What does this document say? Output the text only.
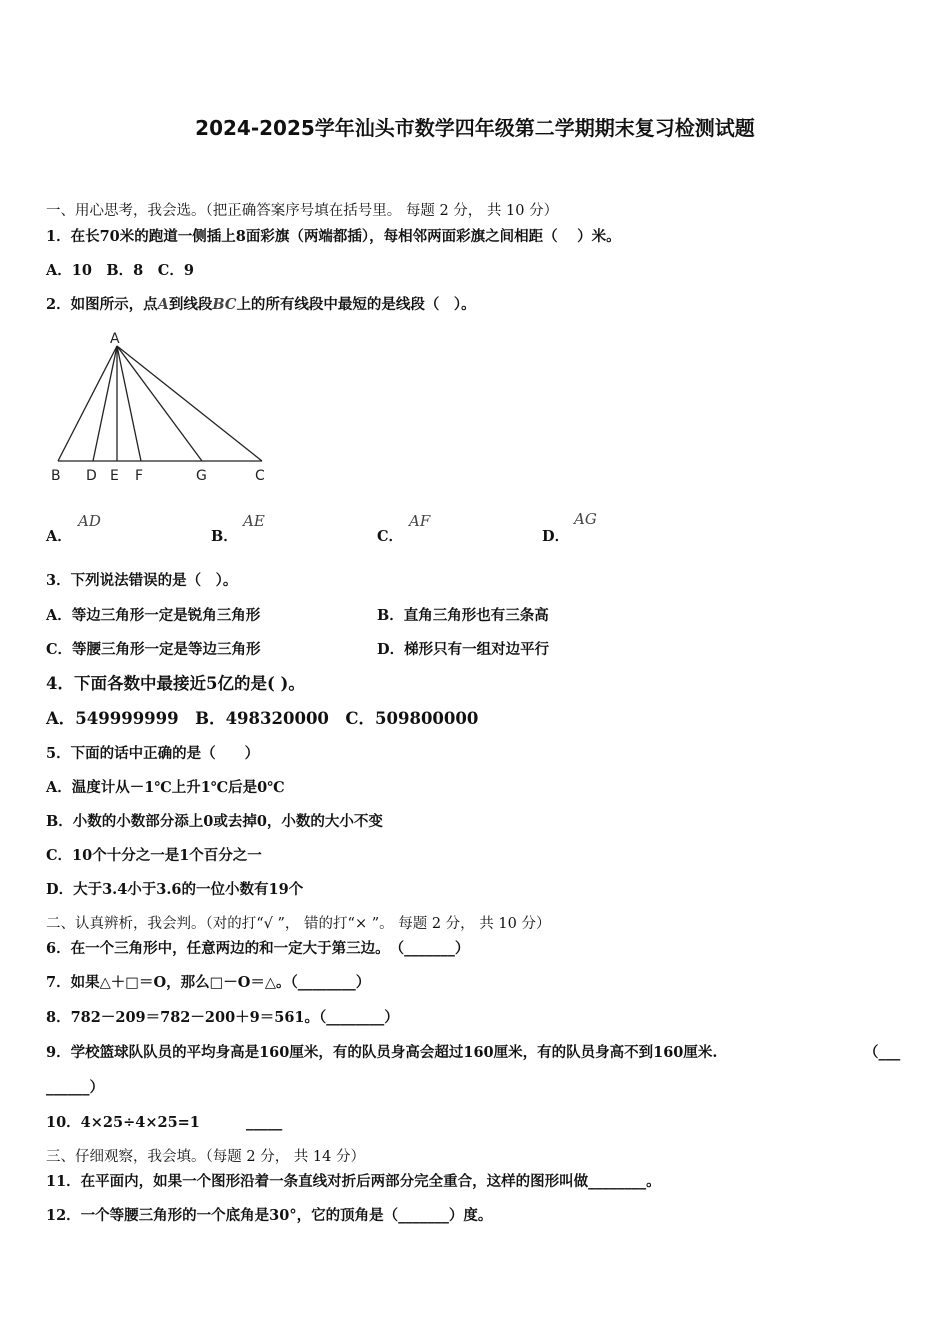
2024-2025学年汕头市数学四年级第二学期期末复习检测试题
一、用心思考，我会选。（把正确答案序号填在括号里。 每题 2 分， 共 10 分）
1．在长70米的跑道一侧插上8面彩旗（两端都插），每相邻两面彩旗之间相距（　 ）米。
A．10　B．8　C．9
2．如图所示，点A到线段BC上的所有线段中最短的是线段（　）。
A
B D E F	G	C
A．
AD
B．
AE
C．
AF
D．
AG
3．下列说法错误的是（　）。
A．等边三角形一定是锐角三角形	B．直角三角形也有三条高
C．等腰三角形一定是等边三角形	D．梯形只有一组对边平行
4．下面各数中最接近5亿的是( )。
A．549999999　B．498320000　C．509800000
5．下面的话中正确的是（　　）
A．温度计从－1℃上升1℃后是0℃
B．小数的小数部分添上0或去掉0，小数的大小不变
C．10个十分之一是1个百分之一
D．大于3.4小于3.6的一位小数有19个
二、认真辨析，我会判。（对的打“√ ”， 错的打“× ”。 每题 2 分， 共 10 分）
6．在一个三角形中，任意两边的和一定大于第三边。　（_______）
7．如果△＋□＝O，那么□－O＝△。（________）
8．782－209＝782－200＋9＝561。（________）
9．学校篮球队队员的平均身高是160厘米，有的队员身高会超过160厘米，有的队员身高不到160厘米.	（___
______）
10．4×25÷4×25=1	_____
三、仔细观察，我会填。（每题 2 分， 共 14 分）
11．在平面内，如果一个图形沿着一条直线对折后两部分完全重合，这样的图形叫做________。
12．一个等腰三角形的一个底角是30°，它的顶角是（_______）度。
